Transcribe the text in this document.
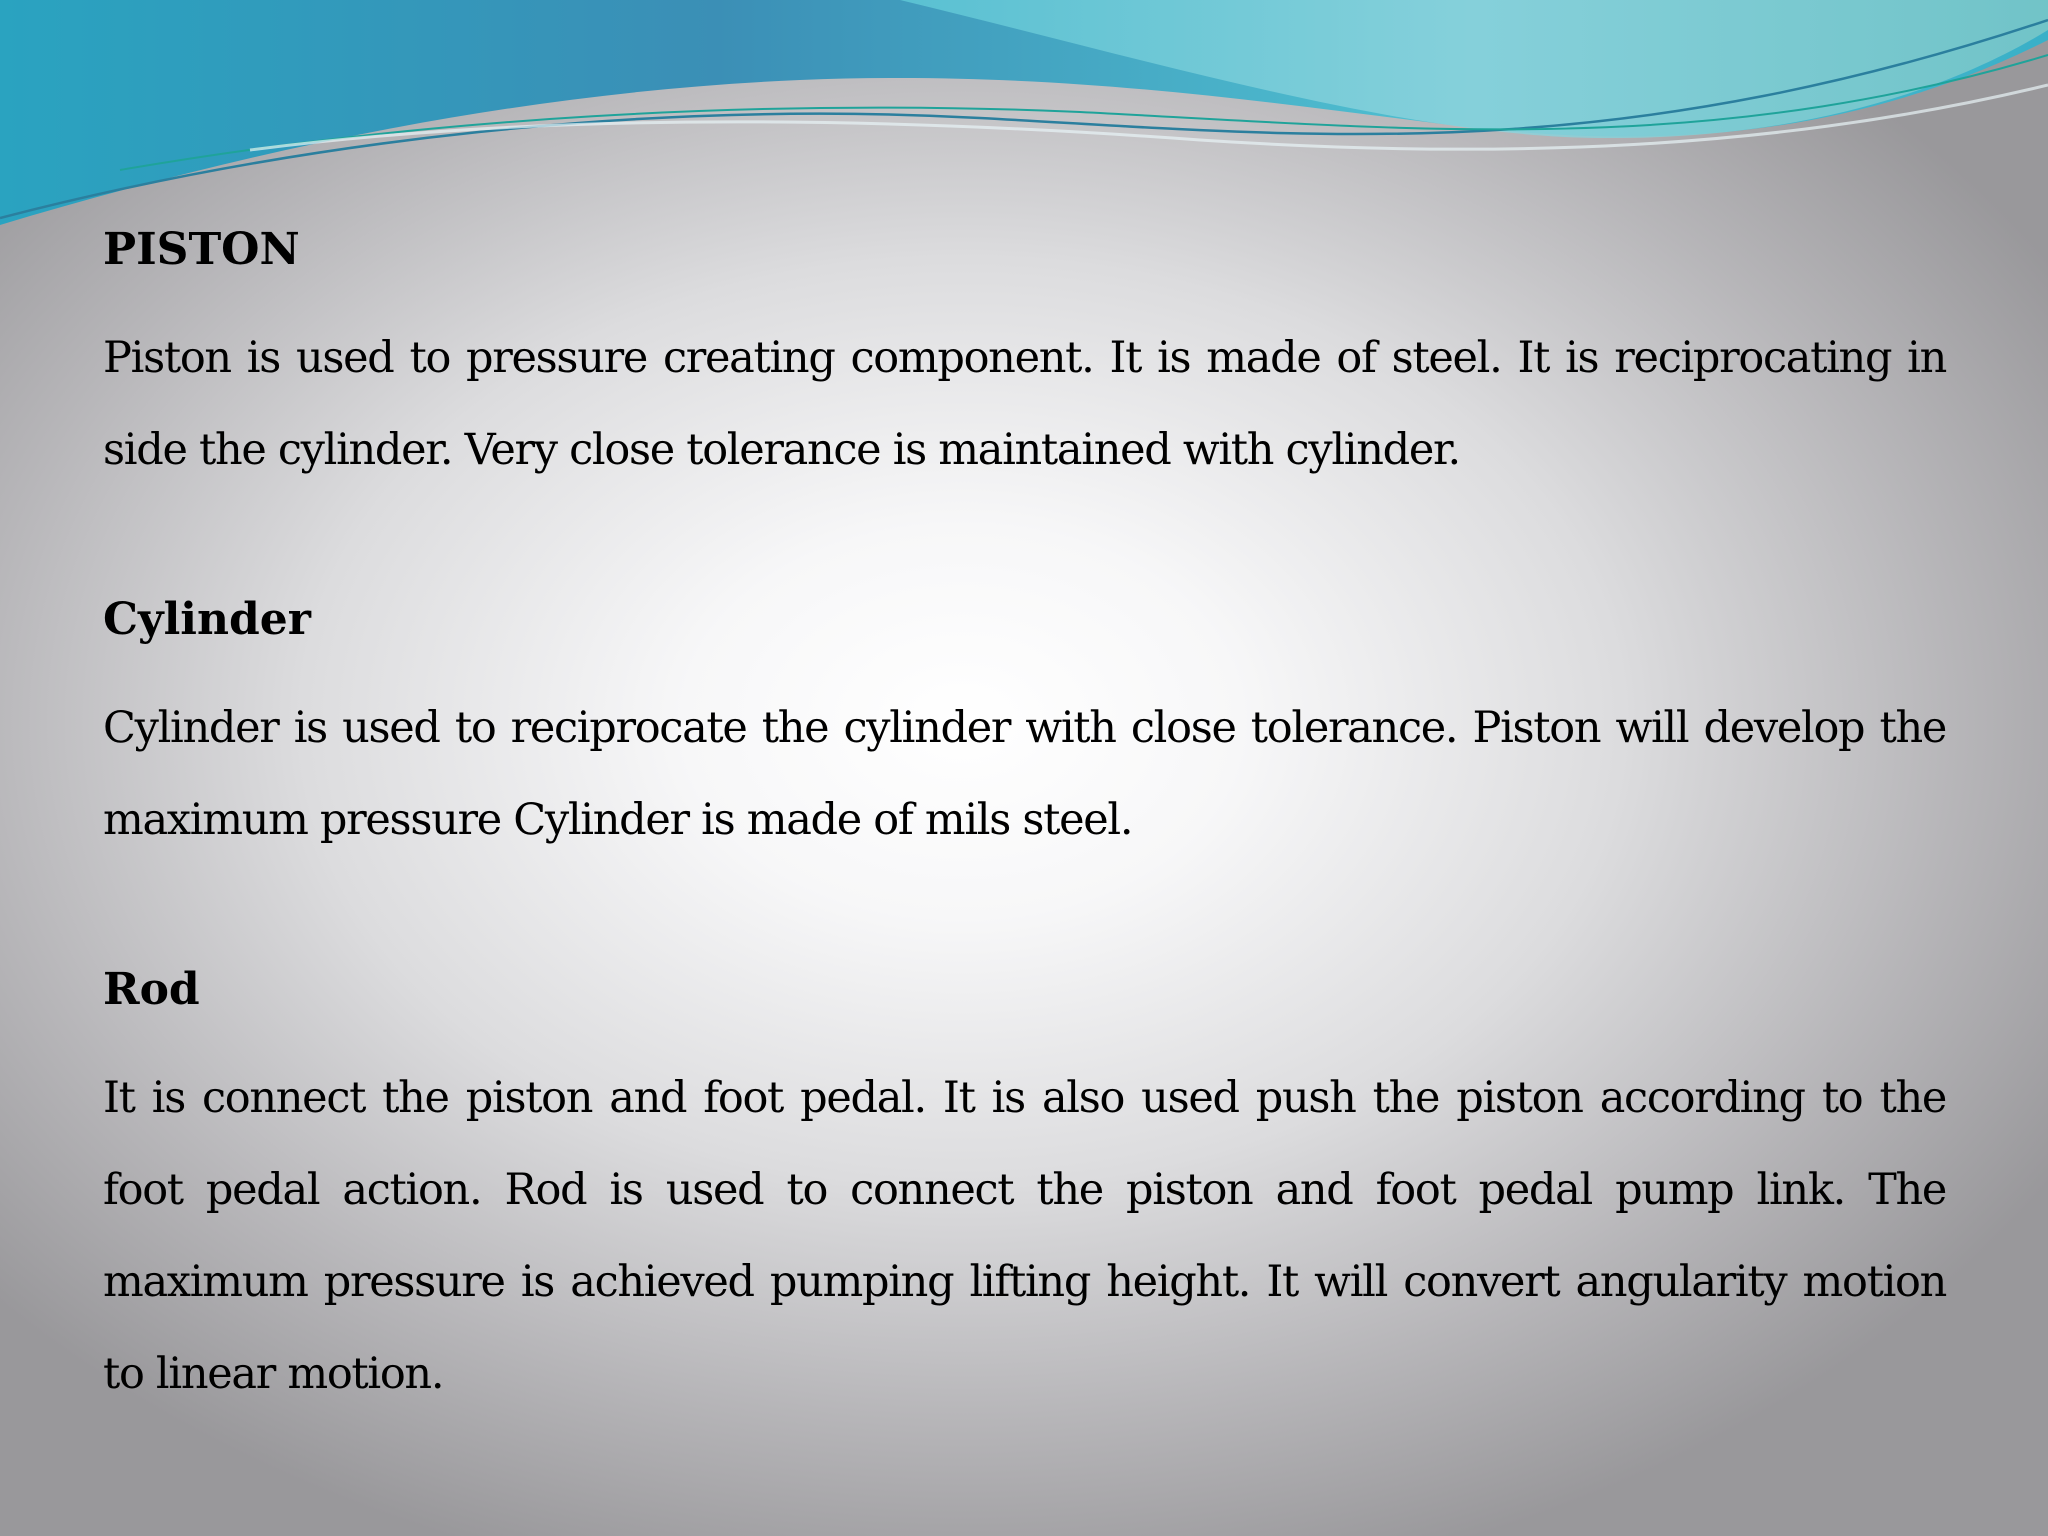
PISTON

Piston is used to pressure creating component. It is made of steel. It is reciprocating in side the cylinder. Very close tolerance is maintained with cylinder.

Cylinder

Cylinder is used to reciprocate the cylinder with close tolerance. Piston will develop the maximum pressure Cylinder is made of mils steel.

Rod

It is connect the piston and foot pedal. It is also used push the piston according to the foot pedal action. Rod is used to connect the piston and foot pedal pump link. The maximum pressure is achieved pumping lifting height. It will convert angularity motion to linear motion.
